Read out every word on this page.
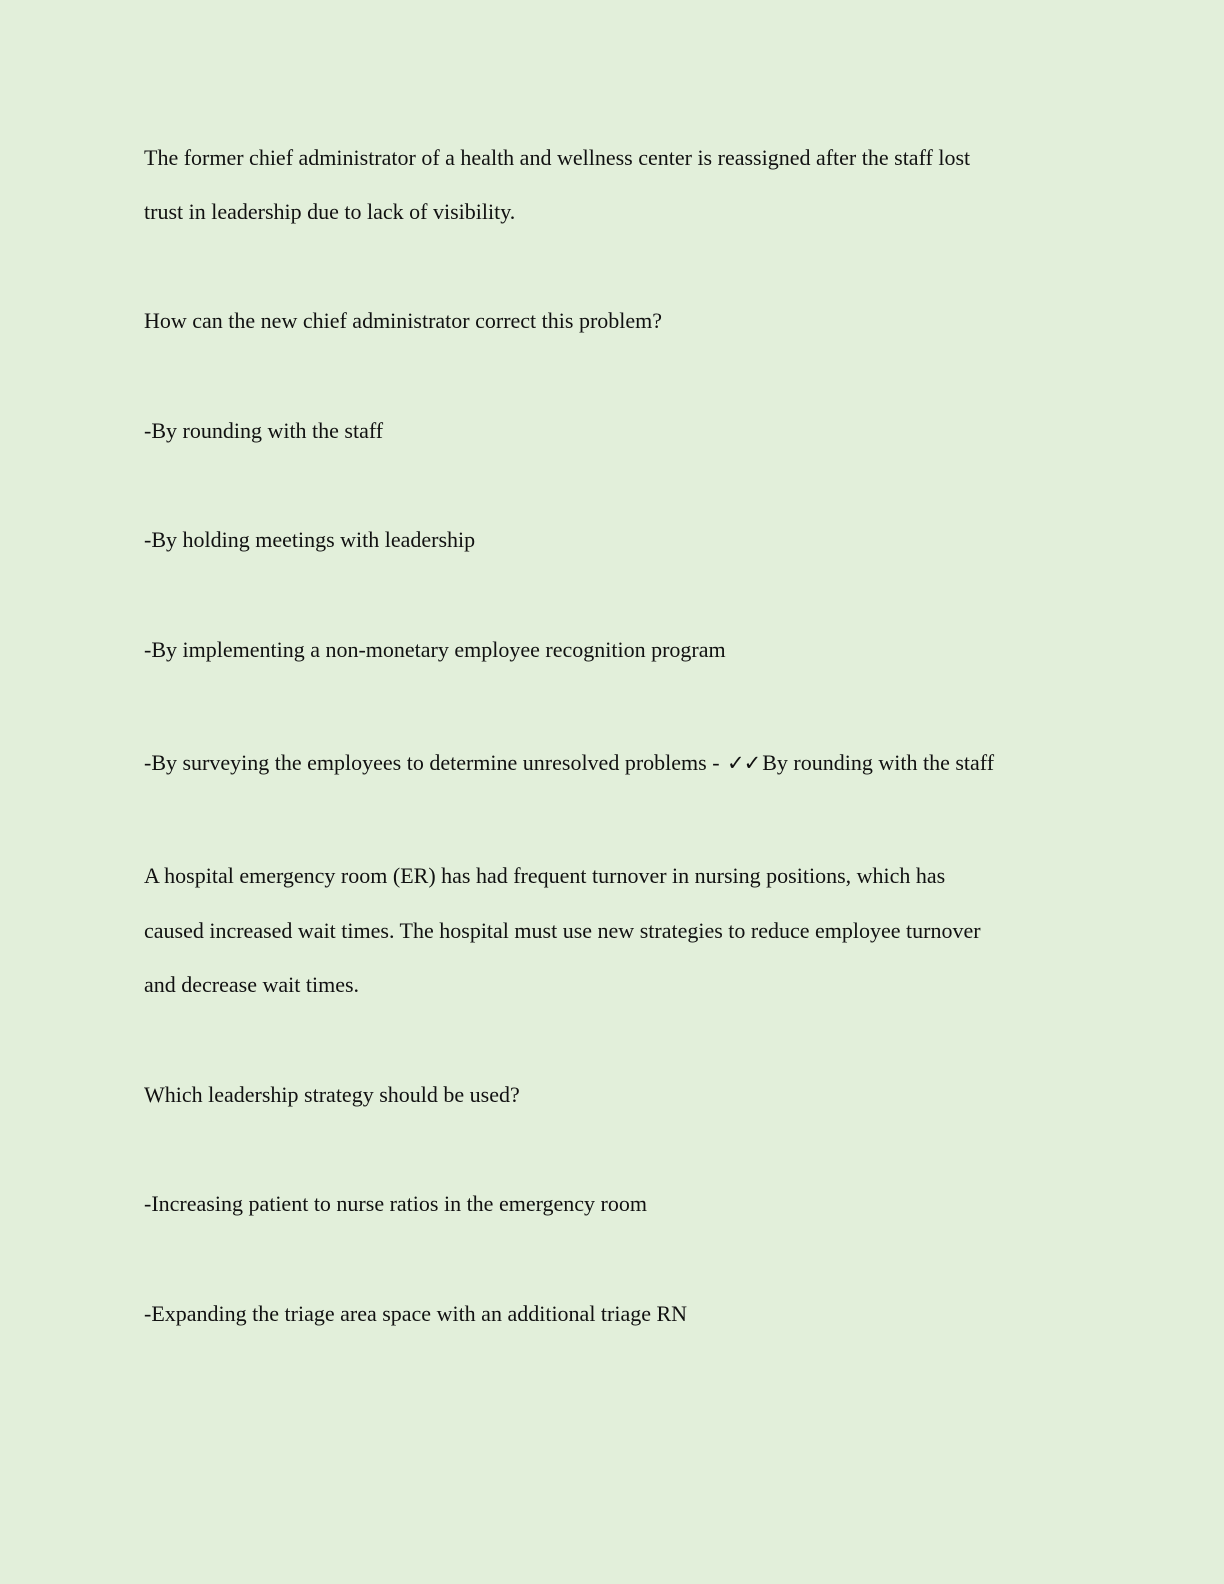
The former chief administrator of a health and wellness center is reassigned after the staff lost
trust in leadership due to lack of visibility.
How can the new chief administrator correct this problem?
-By rounding with the staff
-By holding meetings with leadership
-By implementing a non-monetary employee recognition program
-By surveying the employees to determine unresolved problems - ✓✓By rounding with the staff
A hospital emergency room (ER) has had frequent turnover in nursing positions, which has
caused increased wait times. The hospital must use new strategies to reduce employee turnover
and decrease wait times.
Which leadership strategy should be used?
-Increasing patient to nurse ratios in the emergency room
-Expanding the triage area space with an additional triage RN
